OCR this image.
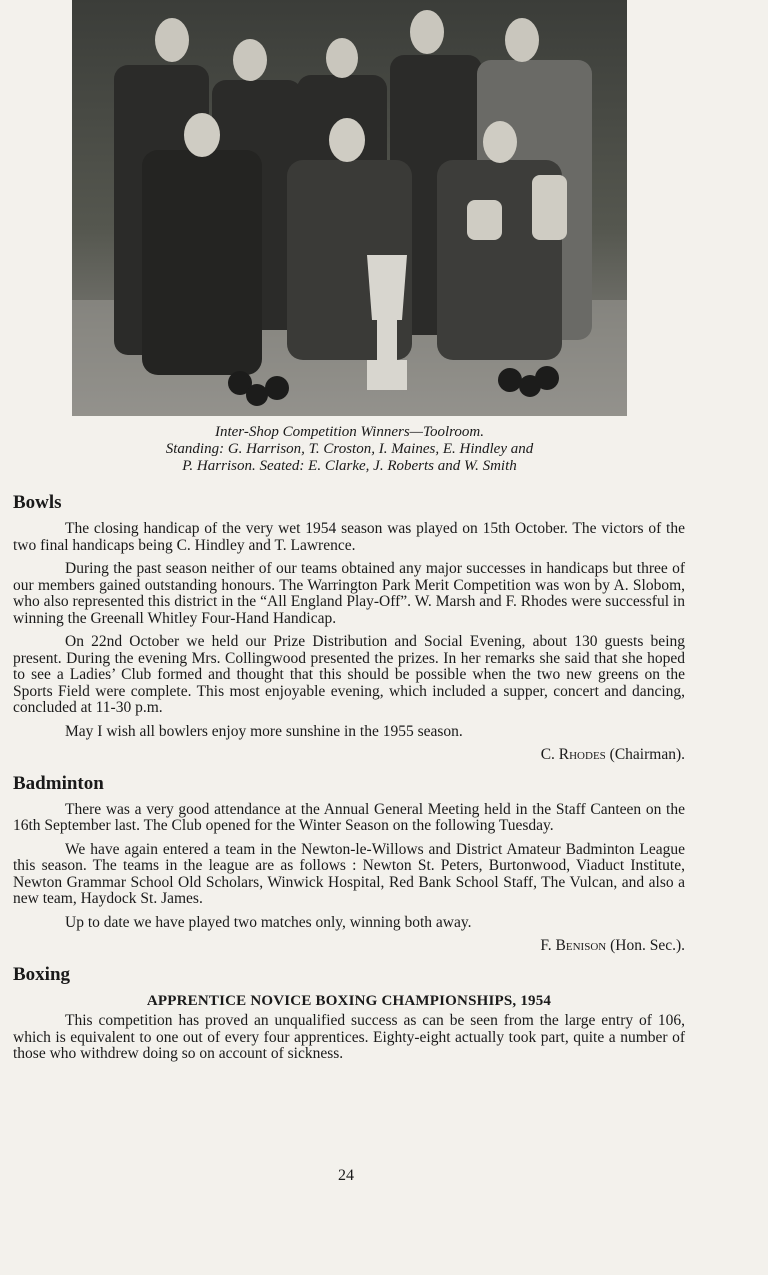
Inter-Shop Competition Winners—Toolroom.
Standing: G. Harrison, T. Croston, I. Maines, E. Hindley and
P. Harrison. Seated: E. Clarke, J. Roberts and W. Smith
Bowls

The closing handicap of the very wet 1954 season was played on 15th October. The victors of the two final handicaps being C. Hindley and T. Lawrence.

During the past season neither of our teams obtained any major successes in handicaps but three of our members gained outstanding honours. The Warrington Park Merit Competition was won by A. Slobom, who also represented this district in the “All England Play-Off”. W. Marsh and F. Rhodes were successful in winning the Greenall Whitley Four-Hand Handicap.

On 22nd October we held our Prize Distribution and Social Evening, about 130 guests being present. During the evening Mrs. Collingwood presented the prizes. In her remarks she said that she hoped to see a Ladies’ Club formed and thought that this should be possible when the two new greens on the Sports Field were complete. This most enjoyable evening, which included a supper, concert and dancing, concluded at 11-30 p.m.

May I wish all bowlers enjoy more sunshine in the 1955 season.

C. Rhodes (Chairman).
Badminton

There was a very good attendance at the Annual General Meeting held in the Staff Canteen on the 16th September last. The Club opened for the Winter Season on the following Tuesday.

We have again entered a team in the Newton-le-Willows and District Amateur Badminton League this season. The teams in the league are as follows : Newton St. Peters, Burtonwood, Viaduct Institute, Newton Grammar School Old Scholars, Winwick Hospital, Red Bank School Staff, The Vulcan, and also a new team, Haydock St. James.

Up to date we have played two matches only, winning both away.

F. Benison (Hon. Sec.).
Boxing
APPRENTICE NOVICE BOXING CHAMPIONSHIPS, 1954

This competition has proved an unqualified success as can be seen from the large entry of 106, which is equivalent to one out of every four apprentices. Eighty-eight actually took part, quite a number of those who withdrew doing so on account of sickness.

24
